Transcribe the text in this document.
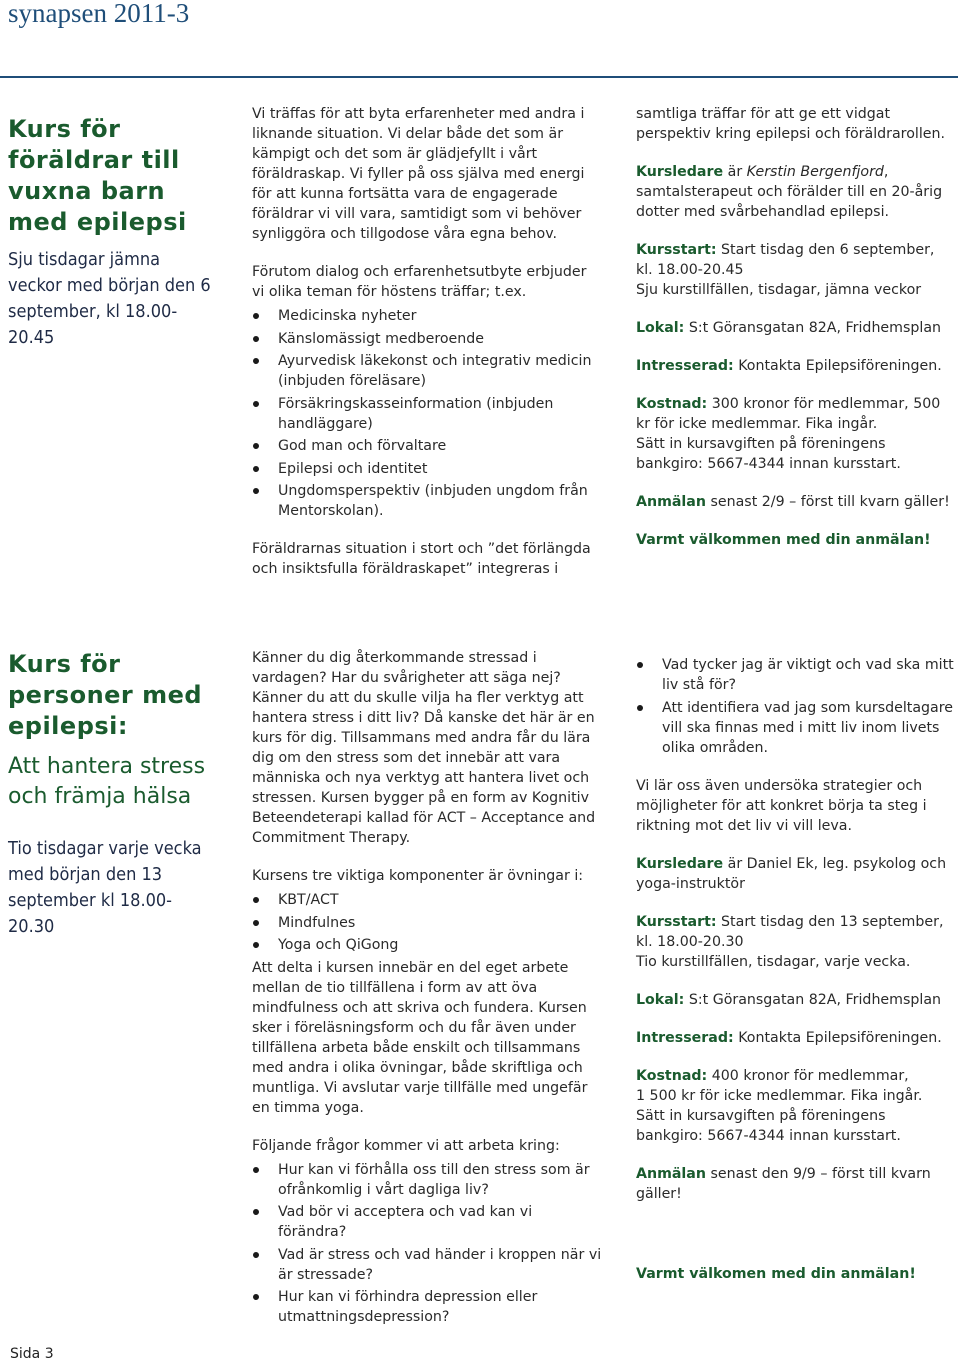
synapsen 2011-3
Kurs för föräldrar till vuxna barn med epilepsi
Sju tisdagar jämna veckor med början den 6 september, kl 18.00-20.45

Vi träffas för att byta erfarenheter med andra i liknande situation. Vi delar både det som är kämpigt och det som är glädjefyllt i vårt föräldraskap. Vi fyller på oss själva med energi för att kunna fortsätta vara de engagerade föräldrar vi vill vara, samtidigt som vi behöver synliggöra och tillgodose våra egna behov.

Förutom dialog och erfarenhetsutbyte erbjuder vi olika teman för höstens träffar; t.ex.

Medicinska nyheter
Känslomässigt medberoende
Ayurvedisk läkekonst och integrativ medicin (inbjuden föreläsare)
Försäkringskasseinformation (inbjuden handläggare)
God man och förvaltare
Epilepsi och identitet
Ungdomsperspektiv (inbjuden ungdom från Mentorskolan).

Föräldrarnas situation i stort och ”det förlängda och insiktsfulla föräldraskapet” integreras i

samtliga träffar för att ge ett vidgat perspektiv kring epilepsi och föräldrarollen.

Kursledare är Kerstin Bergenfjord, samtalsterapeut och förälder till en 20-årig dotter med svårbehandlad epilepsi.

Kursstart: Start tisdag den 6 september, kl. 18.00-20.45
Sju kurstillfällen, tisdagar, jämna veckor

Lokal: S:t Göransgatan 82A, Fridhemsplan

Intresserad: Kontakta Epilepsiföreningen.

Kostnad: 300 kronor för medlemmar, 500 kr för icke medlemmar. Fika ingår.
Sätt in kursavgiften på föreningens bankgiro: 5667-4344 innan kursstart.

Anmälan senast 2/9 – först till kvarn gäller!

Varmt välkommen med din anmälan!

Kurs för personer med epilepsi:
Att hantera stress och främja hälsa
Tio tisdagar varje vecka med början den 13 september kl 18.00-20.30

Känner du dig återkommande stressad i vardagen? Har du svårigheter att säga nej? Känner du att du skulle vilja ha fler verktyg att hantera stress i ditt liv? Då kanske det här är en kurs för dig. Tillsammans med andra får du lära dig om den stress som det innebär att vara människa och nya verktyg att hantera livet och stressen. Kursen bygger på en form av Kognitiv Beteendeterapi kallad för ACT – Acceptance and Commitment Therapy.

Kursens tre viktiga komponenter är övningar i:

KBT/ACT
Mindfulnes
Yoga och QiGong

Att delta i kursen innebär en del eget arbete mellan de tio tillfällena i form av att öva mindfulness och att skriva och fundera. Kursen sker i föreläsningsform och du får även under tillfällena arbeta både enskilt och tillsammans med andra i olika övningar, både skriftliga och muntliga. Vi avslutar varje tillfälle med ungefär en timma yoga.

Följande frågor kommer vi att arbeta kring:

Hur kan vi förhålla oss till den stress som är ofrånkomlig i vårt dagliga liv?
Vad bör vi acceptera och vad kan vi förändra?
Vad är stress och vad händer i kroppen när vi är stressade?
Hur kan vi förhindra depression eller utmattningsdepression?
Vad tycker jag är viktigt och vad ska mitt liv stå för?
Att identifiera vad jag som kursdeltagare vill ska finnas med i mitt liv inom livets olika områden.

Vi lär oss även undersöka strategier och möjligheter för att konkret börja ta steg i riktning mot det liv vi vill leva.

Kursledare är Daniel Ek, leg. psykolog och yoga-instruktör

Kursstart: Start tisdag den 13 september, kl. 18.00-20.30
Tio kurstillfällen, tisdagar, varje vecka.

Lokal: S:t Göransgatan 82A, Fridhemsplan

Intresserad: Kontakta Epilepsiföreningen.

Kostnad: 400 kronor för medlemmar,
1 500 kr för icke medlemmar. Fika ingår.
Sätt in kursavgiften på föreningens bankgiro: 5667-4344 innan kursstart.

Anmälan senast den 9/9 – först till kvarn gäller!

Varmt välkomen med din anmälan!

Sida 3
